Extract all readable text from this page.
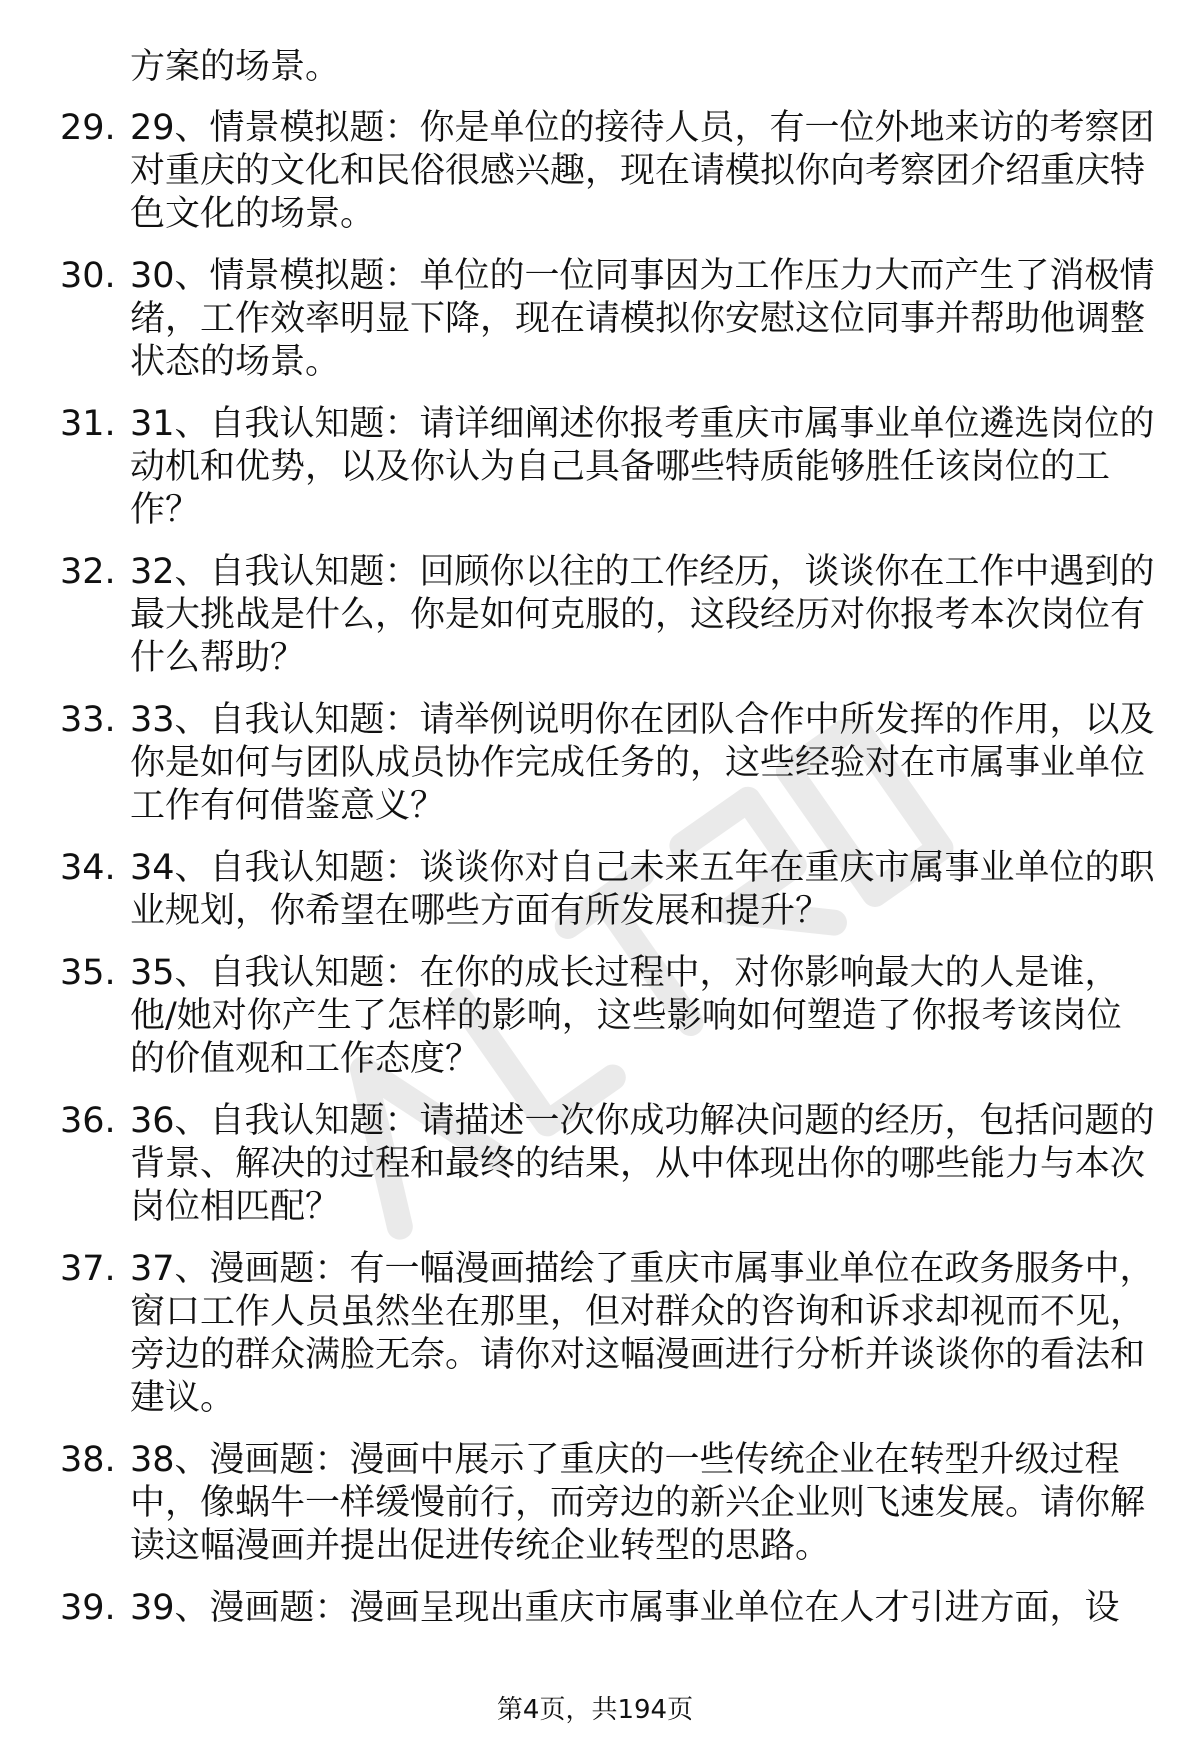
方案的场景。
29. 29、情景模拟题：你是单位的接待人员，有一位外地来访的考察团对重庆的文化和民俗很感兴趣，现在请模拟你向考察团介绍重庆特色文化的场景。
30. 30、情景模拟题：单位的一位同事因为工作压力大而产生了消极情绪，工作效率明显下降，现在请模拟你安慰这位同事并帮助他调整状态的场景。
31. 31、自我认知题：请详细阐述你报考重庆市属事业单位遴选岗位的动机和优势，以及你认为自己具备哪些特质能够胜任该岗位的工作？
32. 32、自我认知题：回顾你以往的工作经历，谈谈你在工作中遇到的最大挑战是什么，你是如何克服的，这段经历对你报考本次岗位有什么帮助？
33. 33、自我认知题：请举例说明你在团队合作中所发挥的作用，以及你是如何与团队成员协作完成任务的，这些经验对在市属事业单位工作有何借鉴意义？
34. 34、自我认知题：谈谈你对自己未来五年在重庆市属事业单位的职业规划，你希望在哪些方面有所发展和提升？
35. 35、自我认知题：在你的成长过程中，对你影响最大的人是谁，他/她对你产生了怎样的影响，这些影响如何塑造了你报考该岗位的价值观和工作态度？
36. 36、自我认知题：请描述一次你成功解决问题的经历，包括问题的背景、解决的过程和最终的结果，从中体现出你的哪些能力与本次岗位相匹配？
37. 37、漫画题：有一幅漫画描绘了重庆市属事业单位在政务服务中，窗口工作人员虽然坐在那里，但对群众的咨询和诉求却视而不见，旁边的群众满脸无奈。请你对这幅漫画进行分析并谈谈你的看法和建议。
38. 38、漫画题：漫画中展示了重庆的一些传统企业在转型升级过程中，像蜗牛一样缓慢前行，而旁边的新兴企业则飞速发展。请你解读这幅漫画并提出促进传统企业转型的思路。
39. 39、漫画题：漫画呈现出重庆市属事业单位在人才引进方面，设
第4页，共194页
